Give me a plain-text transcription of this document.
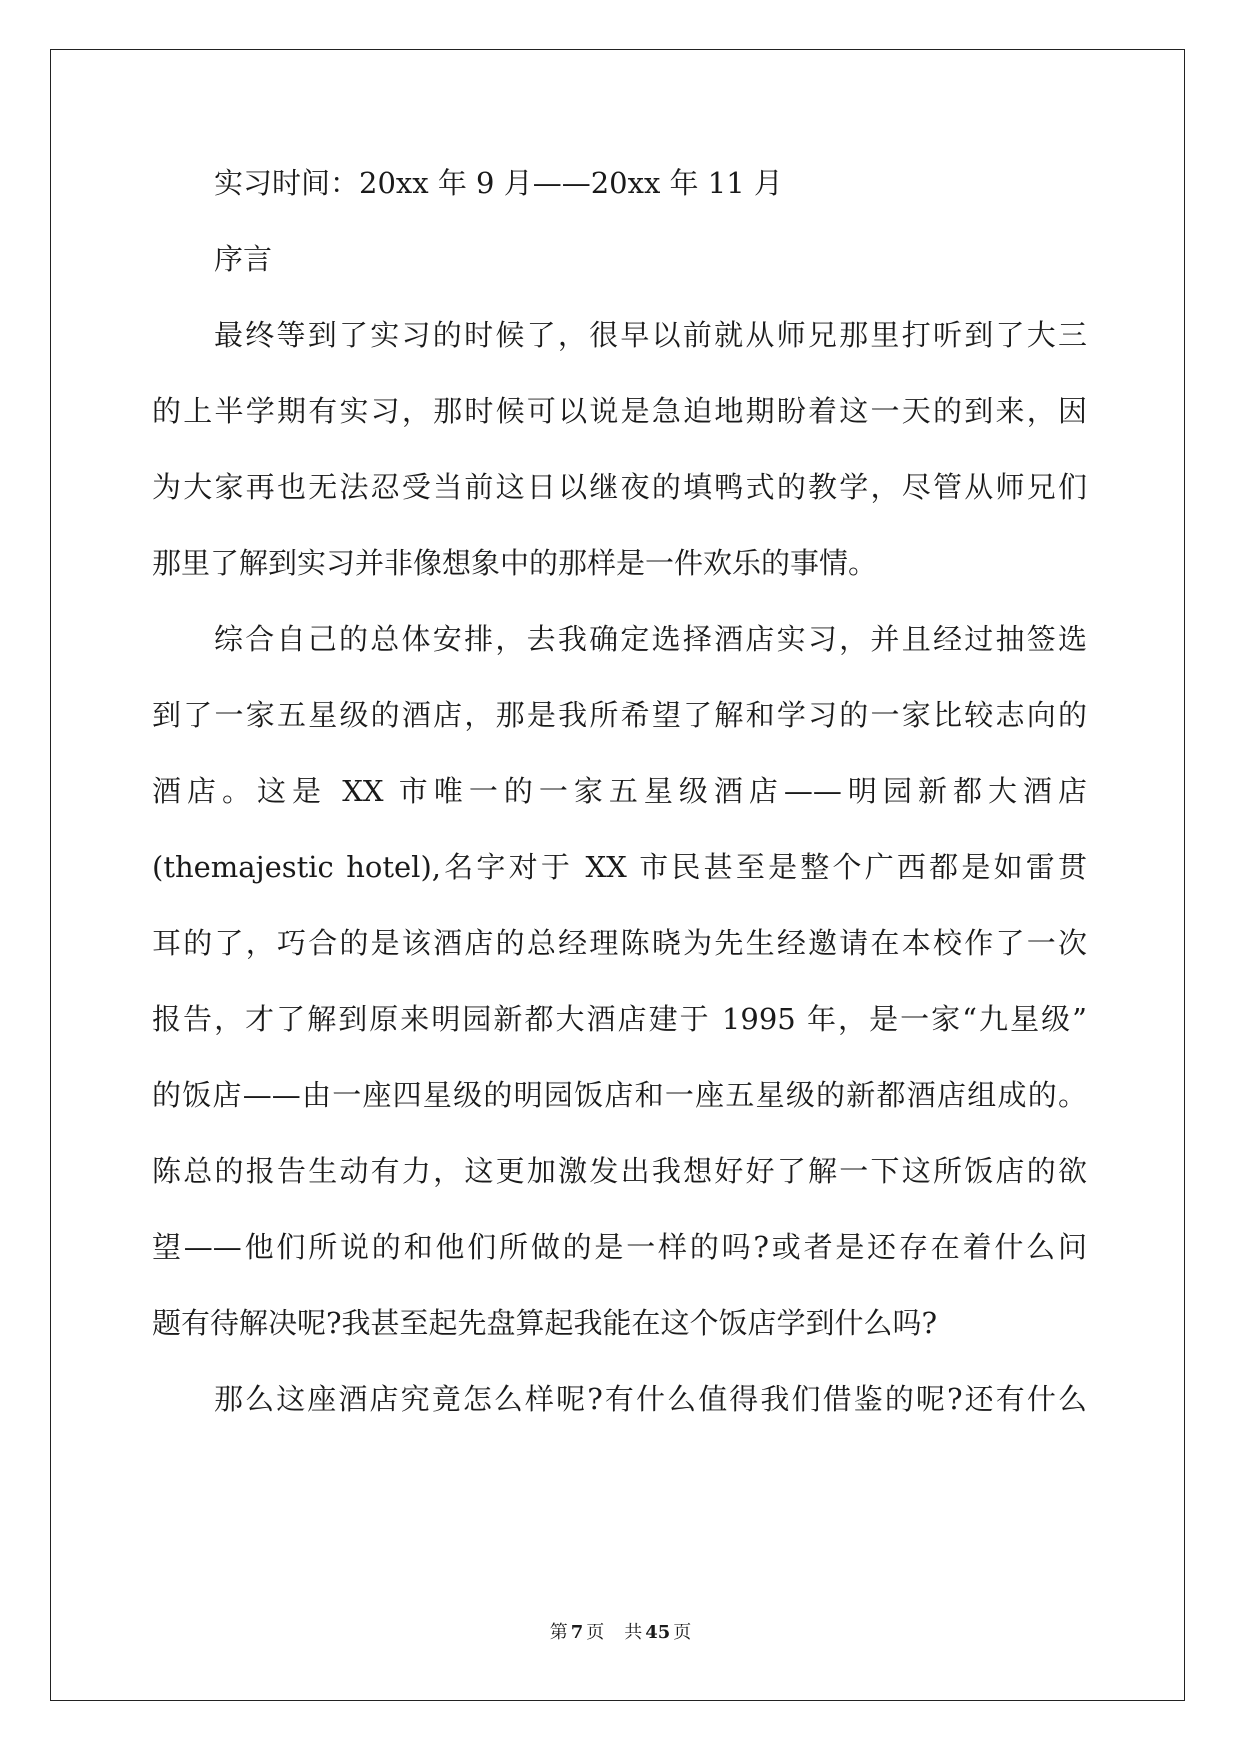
实习时间：20xx 年 9 月——20xx 年 11 月
序言
最终等到了实习的时候了，很早以前就从师兄那里打听到了大三
的上半学期有实习，那时候可以说是急迫地期盼着这一天的到来，因
为大家再也无法忍受当前这日以继夜的填鸭式的教学，尽管从师兄们
那里了解到实习并非像想象中的那样是一件欢乐的事情。
综合自己的总体安排，去我确定选择酒店实习，并且经过抽签选
到了一家五星级的酒店，那是我所希望了解和学习的一家比较志向的
酒店。这是 XX 市唯一的一家五星级酒店——明园新都大酒店
(themajestic hotel),名字对于 XX 市民甚至是整个广西都是如雷贯
耳的了，巧合的是该酒店的总经理陈晓为先生经邀请在本校作了一次
报告，才了解到原来明园新都大酒店建于 1995 年，是一家“九星级”
的饭店——由一座四星级的明园饭店和一座五星级的新都酒店组成的。
陈总的报告生动有力，这更加激发出我想好好了解一下这所饭店的欲
望——他们所说的和他们所做的是一样的吗?或者是还存在着什么问
题有待解决呢?我甚至起先盘算起我能在这个饭店学到什么吗?
那么这座酒店究竟怎么样呢?有什么值得我们借鉴的呢?还有什么
第 7 页 共 45 页
